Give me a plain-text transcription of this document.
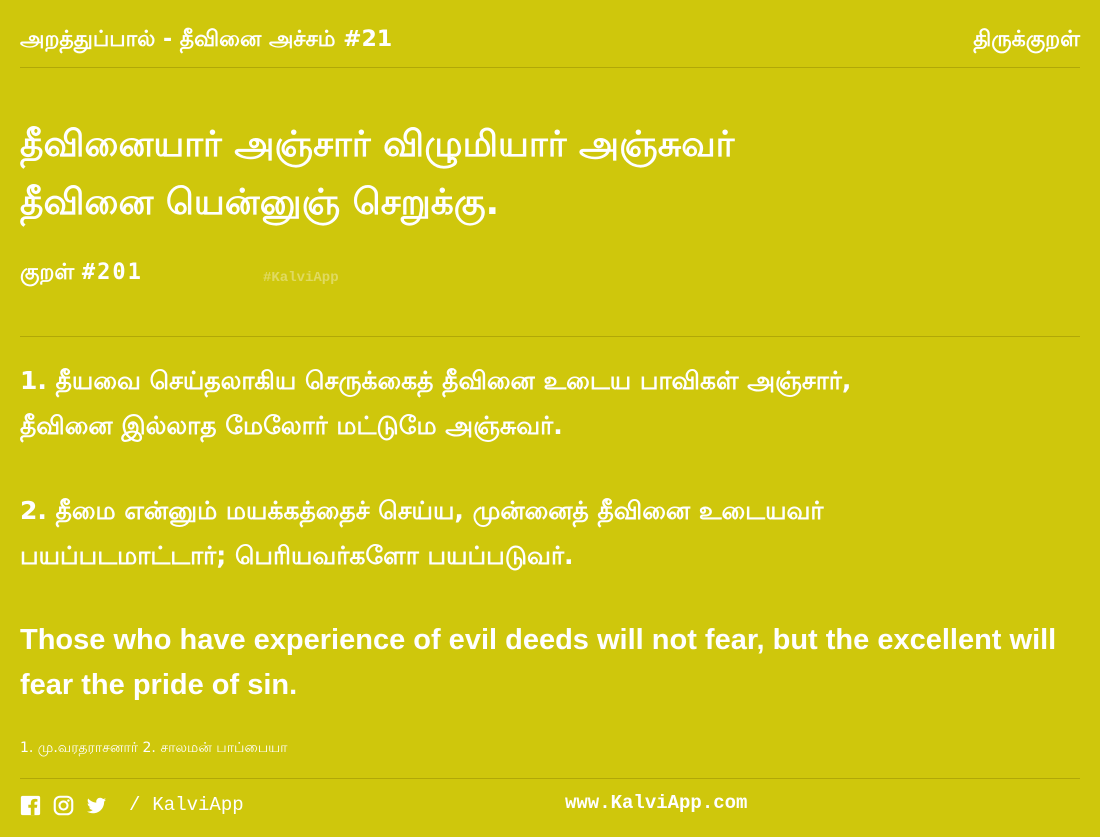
அறத்துப்பால் - தீவினை அச்சம் #21	திருக்குறள்
தீவினையார் அஞ்சார் விழுமியார் அஞ்சுவர்
தீவினை யென்னுஞ் செறுக்கு.
குறள் #201	#KalviApp
1. தீயவை செய்தலாகிய செருக்கைத் தீவினை உடைய பாவிகள் அஞ்சார்,
தீவினை இல்லாத மேலோர் மட்டுமே அஞ்சுவர்.
2. தீமை என்னும் மயக்கத்தைச் செய்ய, முன்னைத் தீவினை உடையவர்
பயப்படமாட்டார்; பெரியவர்களோ பயப்படுவர்.
Those who have experience of evil deeds will not fear, but the excellent will fear the pride of sin.
1. மு.வரதராசனார் 2. சாலமன் பாப்பையா
/ KalviApp	www.KalviApp.com
